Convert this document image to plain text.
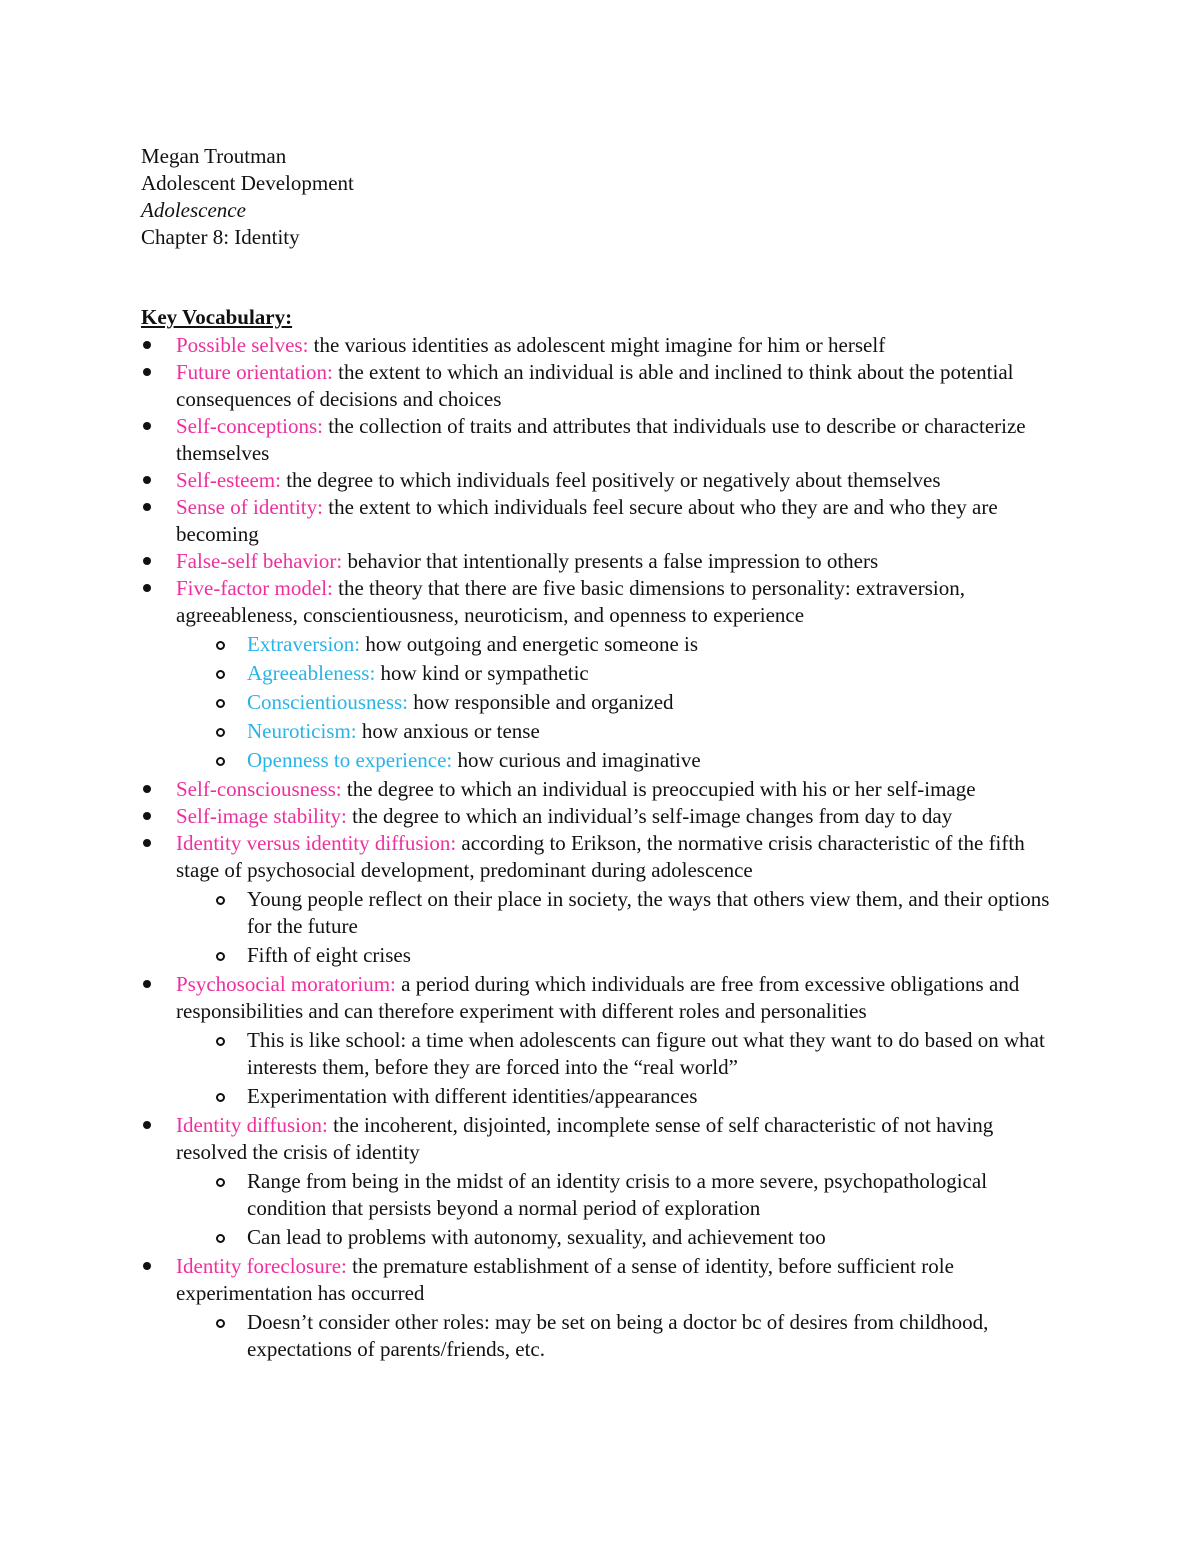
Megan Troutman
Adolescent Development
Adolescence
Chapter 8: Identity
Key Vocabulary:
Possible selves: the various identities as adolescent might imagine for him or herself
Future orientation: the extent to which an individual is able and inclined to think about the potential consequences of decisions and choices
Self-conceptions: the collection of traits and attributes that individuals use to describe or characterize themselves
Self-esteem: the degree to which individuals feel positively or negatively about themselves
Sense of identity: the extent to which individuals feel secure about who they are and who they are becoming
False-self behavior: behavior that intentionally presents a false impression to others
Five-factor model: the theory that there are five basic dimensions to personality: extraversion, agreeableness, conscientiousness, neuroticism, and openness to experience
Extraversion: how outgoing and energetic someone is
Agreeableness: how kind or sympathetic
Conscientiousness: how responsible and organized
Neuroticism: how anxious or tense
Openness to experience: how curious and imaginative
Self-consciousness: the degree to which an individual is preoccupied with his or her self-image
Self-image stability: the degree to which an individual’s self-image changes from day to day
Identity versus identity diffusion: according to Erikson, the normative crisis characteristic of the fifth stage of psychosocial development, predominant during adolescence
Young people reflect on their place in society, the ways that others view them, and their options for the future
Fifth of eight crises
Psychosocial moratorium: a period during which individuals are free from excessive obligations and responsibilities and can therefore experiment with different roles and personalities
This is like school: a time when adolescents can figure out what they want to do based on what interests them, before they are forced into the “real world”
Experimentation with different identities/appearances
Identity diffusion: the incoherent, disjointed, incomplete sense of self characteristic of not having resolved the crisis of identity
Range from being in the midst of an identity crisis to a more severe, psychopathological condition that persists beyond a normal period of exploration
Can lead to problems with autonomy, sexuality, and achievement too
Identity foreclosure: the premature establishment of a sense of identity, before sufficient role experimentation has occurred
Doesn’t consider other roles: may be set on being a doctor bc of desires from childhood, expectations of parents/friends, etc.
